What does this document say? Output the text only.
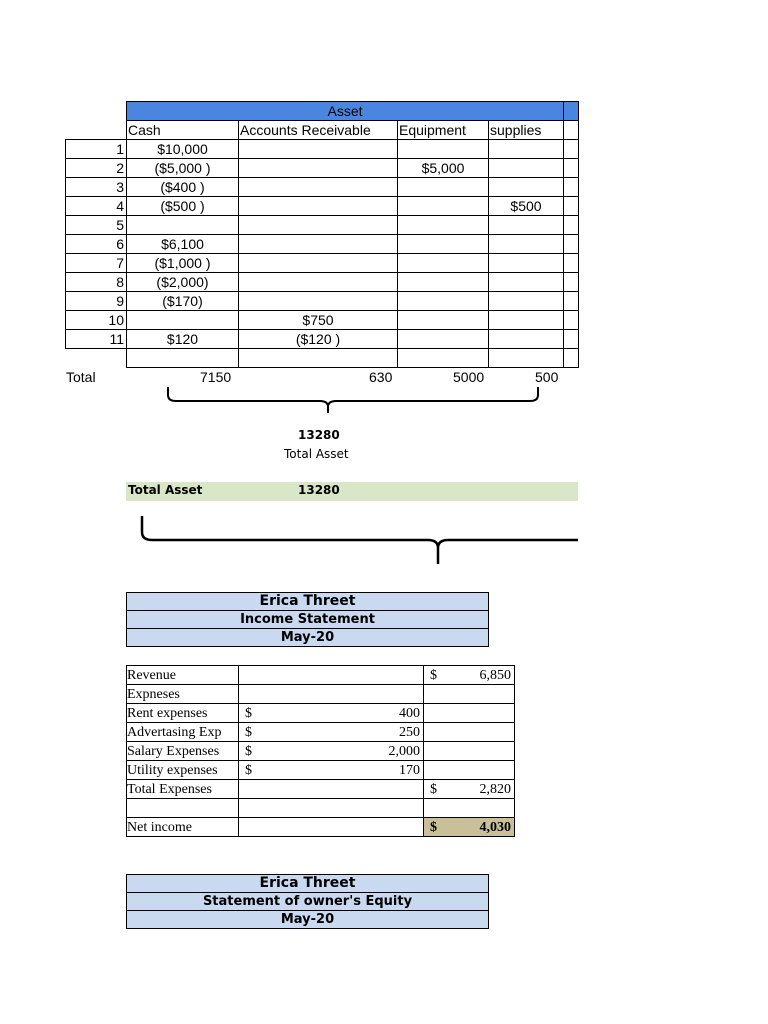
	Asset				
	Cash	Accounts Receivable	Equipment	supplies	
1	$10,000				
2	($5,000 )		$5,000		
3	($400 )				
4	($500 )			$500	
5					
6	$6,100				
7	($1,000 )				
8	($2,000)				
9	($170)				
10		$750			
11	$120	($120 )			

Total	7150	630	5000	500
13280
Total Asset
Total Asset	13280
Erica Threet
Income Statement
May-20
Revenue			$	6,850
Expneses				
Rent expenses	$	400		
Advertasing Exp	$	250		
Salary Expenses	$	2,000		
Utility expenses	$	170		
Total Expenses			$	2,820

Net income			$	4,030
Erica Threet
Statement of owner's Equity
May-20
